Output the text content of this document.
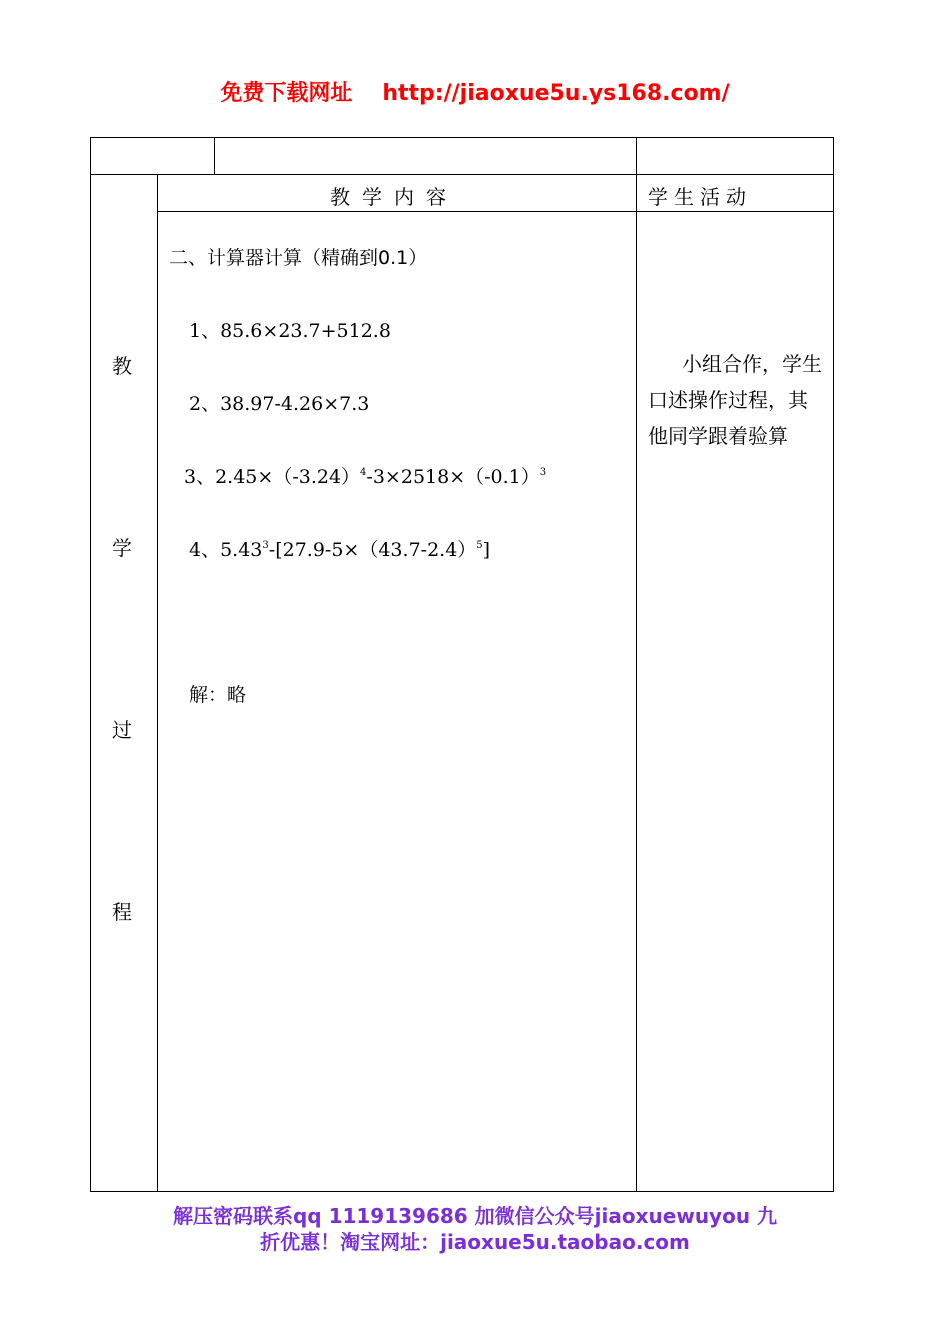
免费下载网址 http://jiaoxue5u.ys168.com/
教
学
过
程
教学内容	学生活动
二、计算器计算（精确到0.1）
1、85.6×23.7+512.8
2、38.97-4.26×7.3
3、$2.45\times(-3.24)^4-3\times 2518\times(-0.1)^3$
4、$5.43^3-[27.9-5\times(43.7-2.4)^5]$
解：略
小组合作，学生口述操作过程，其他同学跟着验算
解压密码联系qq 1119139686 加微信公众号jiaoxuewuyou 九
折优惠！淘宝网址：jiaoxue5u.taobao.com
